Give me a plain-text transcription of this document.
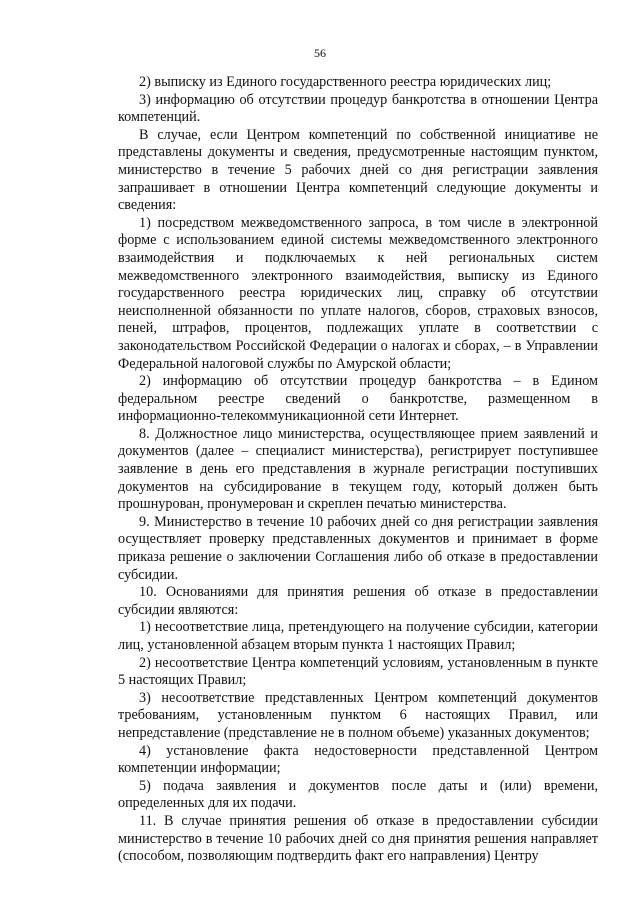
56

2) выписку из Единого государственного реестра юридических лиц;

3) информацию об отсутствии процедур банкротства в отношении Центра компетенций.

В случае, если Центром компетенций по собственной инициативе не представлены документы и сведения, предусмотренные настоящим пунктом, министерство в течение 5 рабочих дней со дня регистрации заявления запрашивает в отношении Центра компетенций следующие документы и сведения:

1) посредством межведомственного запроса, в том числе в электронной форме с использованием единой системы межведомственного электронного взаимодействия и подключаемых к ней региональных систем межведомственного электронного взаимодействия, выписку из Единого государственного реестра юридических лиц, справку об отсутствии неисполненной обязанности по уплате налогов, сборов, страховых взносов, пеней, штрафов, процентов, подлежащих уплате в соответствии с законодательством Российской Федерации о налогах и сборах, – в Управлении Федеральной налоговой службы по Амурской области;

2) информацию об отсутствии процедур банкротства – в Едином федеральном реестре сведений о банкротстве, размещенном в информационно-телекоммуникационной сети Интернет.

8. Должностное лицо министерства, осуществляющее прием заявлений и документов (далее – специалист министерства), регистрирует поступившее заявление в день его представления в журнале регистрации поступивших документов на субсидирование в текущем году, который должен быть прошнурован, пронумерован и скреплен печатью министерства.

9. Министерство в течение 10 рабочих дней со дня регистрации заявления осуществляет проверку представленных документов и принимает в форме приказа решение о заключении Соглашения либо об отказе в предоставлении субсидии.

10. Основаниями для принятия решения об отказе в предоставлении субсидии являются:

1) несоответствие лица, претендующего на получение субсидии, категории лиц, установленной абзацем вторым пункта 1 настоящих Правил;

2) несоответствие Центра компетенций условиям, установленным в пункте 5 настоящих Правил;

3) несоответствие представленных Центром компетенций документов требованиям, установленным пунктом 6 настоящих Правил, или непредставление (представление не в полном объеме) указанных документов;

4) установление факта недостоверности представленной Центром компетенции информации;

5) подача заявления и документов после даты и (или) времени, определенных для их подачи.

11. В случае принятия решения об отказе в предоставлении субсидии министерство в течение 10 рабочих дней со дня принятия решения направляет (способом, позволяющим подтвердить факт его направления) Центру
